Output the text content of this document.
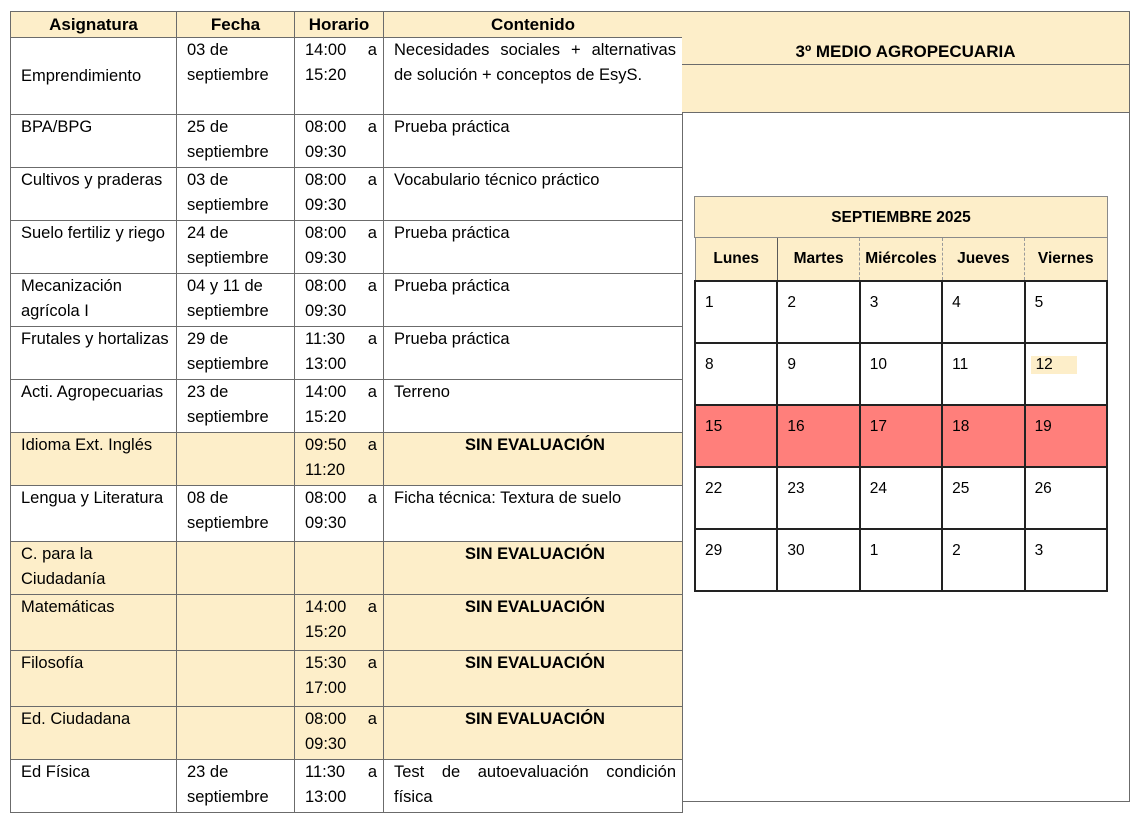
Asignatura	Fecha	Horario	Contenido
Emprendimiento	03 de septiembre	14:00 a 15:20	Necesidades sociales + alternativas de solución + conceptos de EsyS.
BPA/BPG	25 de septiembre	08:00 a 09:30	Prueba práctica
Cultivos y praderas	03 de septiembre	08:00 a 09:30	Vocabulario técnico práctico
Suelo fertiliz y riego	24 de septiembre	08:00 a 09:30	Prueba práctica
Mecanización agrícola I	04 y 11 de septiembre	08:00 a 09:30	Prueba práctica
Frutales y hortalizas	29 de septiembre	11:30 a 13:00	Prueba práctica
Acti. Agropecuarias	23 de septiembre	14:00 a 15:20	Terreno
Idioma Ext. Inglés		09:50 a 11:20	SIN EVALUACIÓN
Lengua y Literatura	08 de septiembre	08:00 a 09:30	Ficha técnica: Textura de suelo
C. para la Ciudadanía			SIN EVALUACIÓN
Matemáticas		14:00 a 15:20	SIN EVALUACIÓN
Filosofía		15:30 a 17:00	SIN EVALUACIÓN
Ed. Ciudadana		08:00 a 09:30	SIN EVALUACIÓN
Ed Física	23 de septiembre	11:30 a 13:00	Test de autoevaluación condición física
3º MEDIO AGROPECUARIA
SEPTIEMBRE 2025
Lunes	Martes	Miércoles	Jueves	Viernes
1	2	3	4	5
8	9	10	11	12
15	16	17	18	19
22	23	24	25	26
29	30	1	2	3
